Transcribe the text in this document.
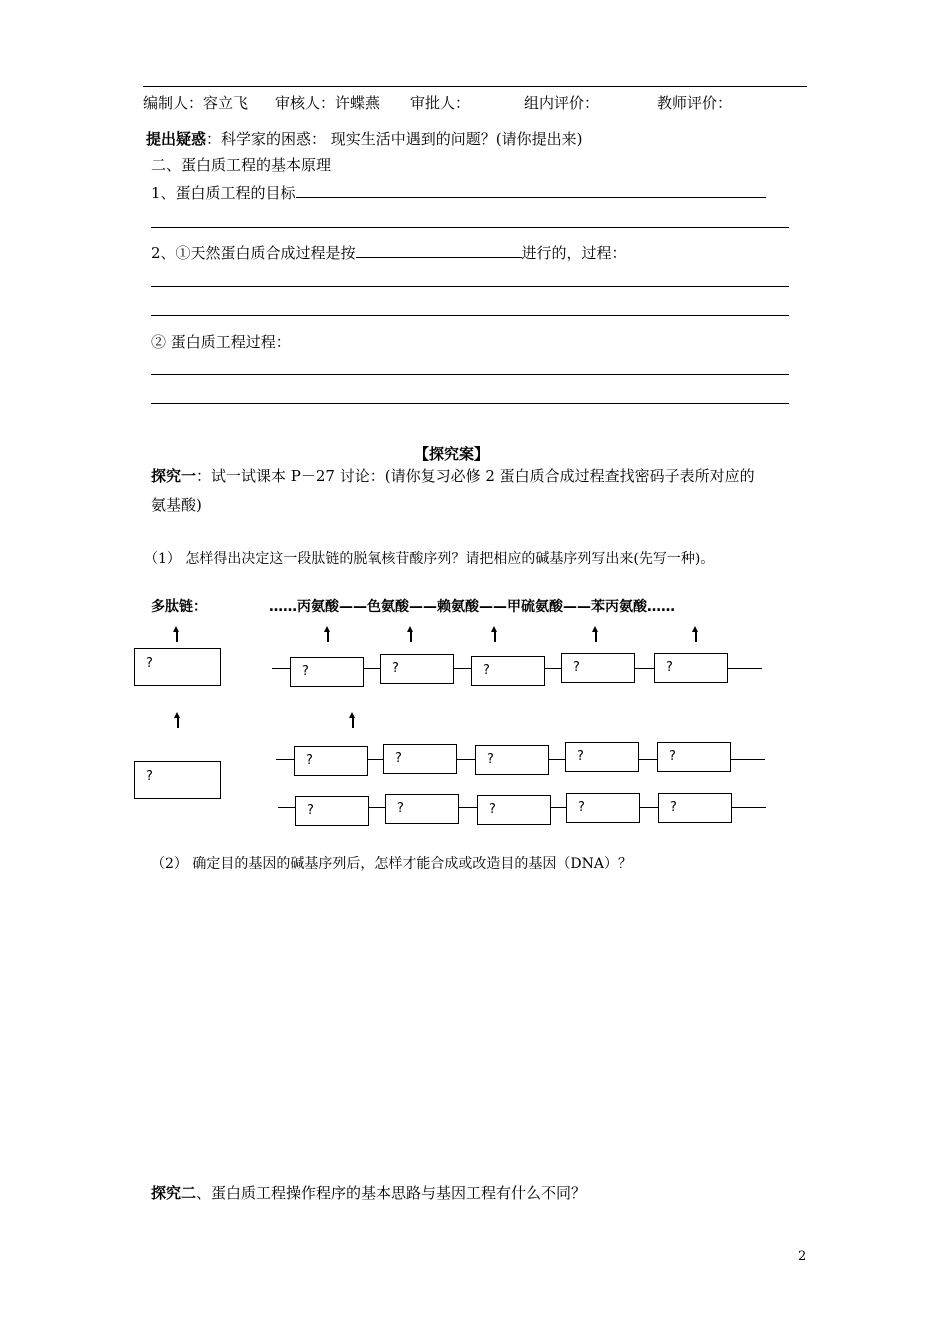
编制人：容立飞 审核人：许蝶燕 审批人：	组内评价：	教师评价：
提出疑惑：科学家的困惑： 现实生活中遇到的问题？(请你提出来)
二、蛋白质工程的基本原理
1、蛋白质工程的目标
2、①天然蛋白质合成过程是按	进行的，过程：
② 蛋白质工程过程：
【探究案】
探究一：试一试课本 P－27 讨论：(请你复习必修 2 蛋白质合成过程查找密码子表所对应的
氨基酸)
（1） 怎样得出决定这一段肽链的脱氧核苷酸序列？请把相应的碱基序列写出来(先写一种)。
多肽链：	……丙氨酸——色氨酸——赖氨酸——甲硫氨酸——苯丙氨酸……
?
?	?	?	?	?
?
?	?	?	?	?
?	?	?	?	?
（2） 确定目的基因的碱基序列后，怎样才能合成或改造目的基因（DNA）？
探究二、蛋白质工程操作程序的基本思路与基因工程有什么不同？
2
